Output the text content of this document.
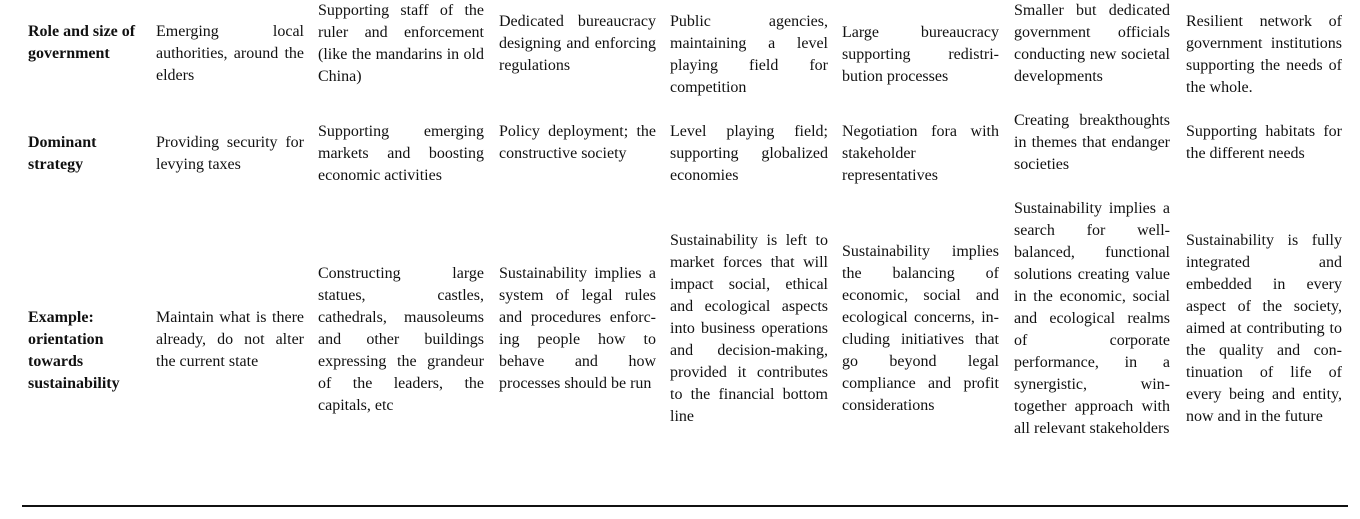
Role and size of government
Emerging local authorities, around the elders
Supporting staff of the ruler and enforcement (like the mandarins in old China)
Dedicated bureaucracy designing and enforcing regulations
Public agencies, maintaining a level playing field for competition
Large bureaucracy supporting redistribution processes
Smaller but dedicated government officials conducting new societal developments
Resilient network of government institutions supporting the needs of the whole.
Dominant strategy
Providing security for levying taxes
Supporting emerging markets and boosting economic activities
Policy deployment; the constructive society
Level playing field; supporting globalized economies
Negotiation fora with stakeholder representatives
Creating breakthoughts in themes that endanger societies
Supporting habitats for the different needs
Example: orientation towards sustainability
Maintain what is there already, do not alter the current state
Constructing large statues, castles, cathedrals, mausoleums and other buildings expressing the grandeur of the leaders, the capitals, etc
Sustainability implies a system of legal rules and procedures enforcing people how to behave and how processes should be run
Sustainability is left to market forces that will impact social, ethical and ecological aspects into business operations and decision-making, provided it contributes to the financial bottom line
Sustainability implies the balancing of economic, social and ecological concerns, including initiatives that go beyond legal compliance and profit considerations
Sustainability implies a search for well-balanced, functional solutions creating value in the economic, social and ecological realms of corporate performance, in a synergistic, win-together approach with all relevant stakeholders
Sustainability is fully integrated and embedded in every aspect of the society, aimed at contributing to the quality and continuation of life of every being and entity, now and in the future
